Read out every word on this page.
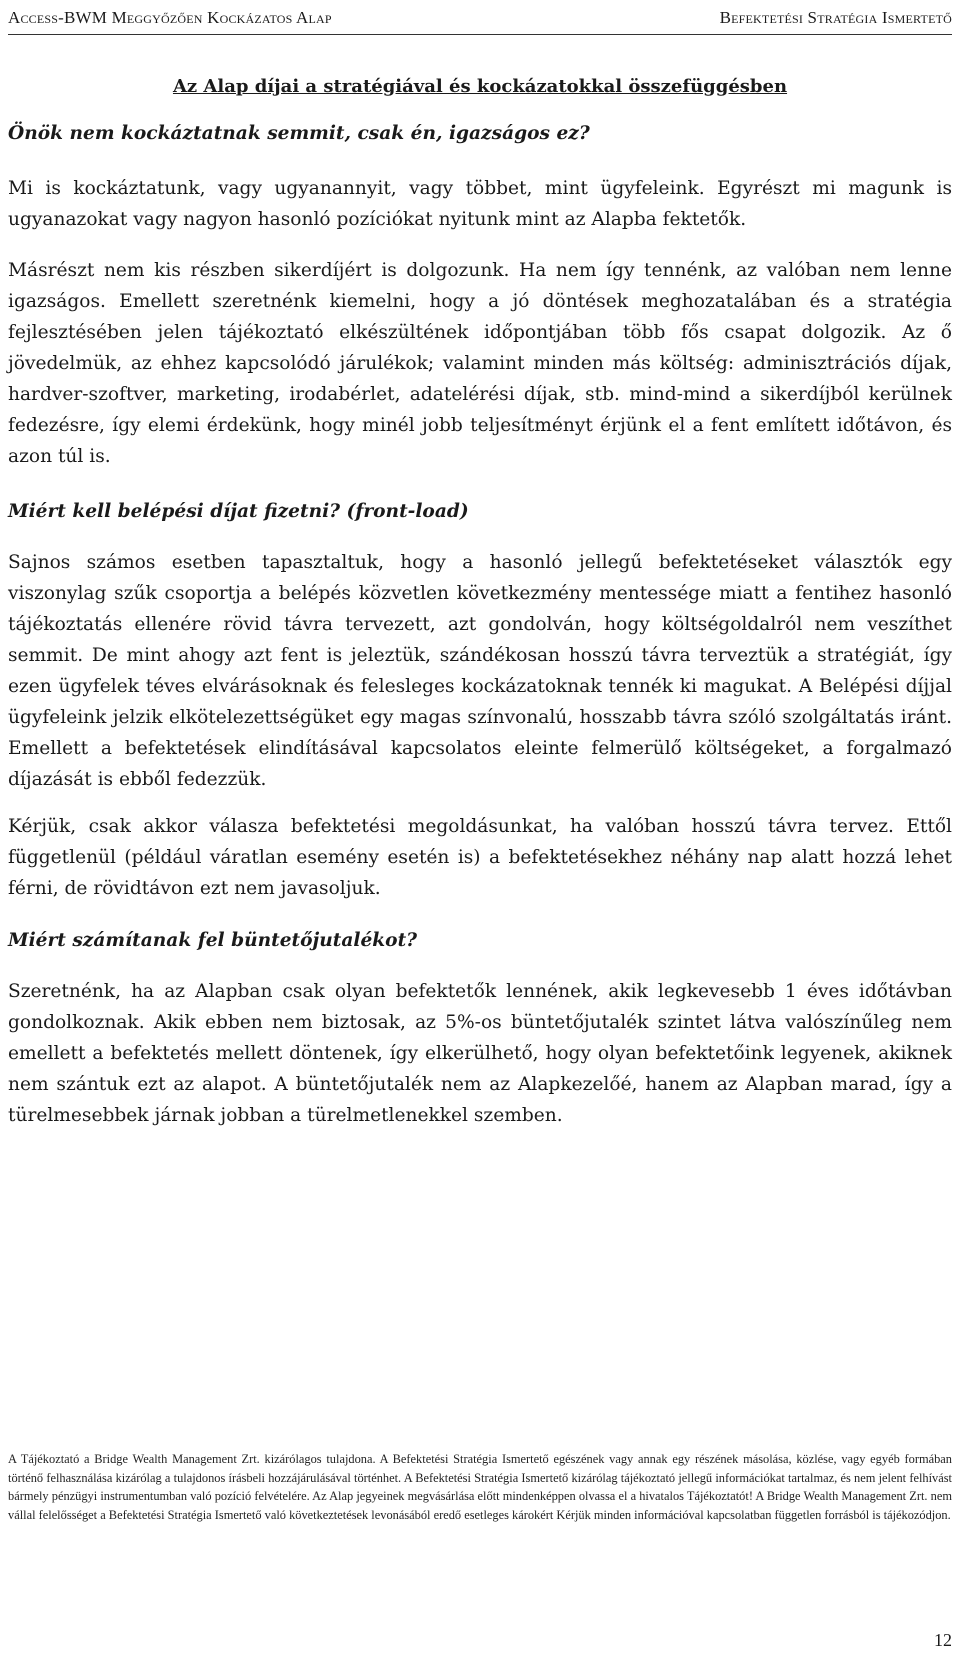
Access-BWM Meggyőzően Kockázatos Alap	Befektetési Stratégia Ismertető
Az Alap díjai a stratégiával és kockázatokkal összefüggésben

Önök nem kockáztatnak semmit, csak én, igazságos ez?

Mi is kockáztatunk, vagy ugyanannyit, vagy többet, mint ügyfeleink. Egyrészt mi magunk is ugyanazokat vagy nagyon hasonló pozíciókat nyitunk mint az Alapba fektetők.

Másrészt nem kis részben sikerdíjért is dolgozunk. Ha nem így tennénk, az valóban nem lenne igazságos. Emellett szeretnénk kiemelni, hogy a jó döntések meghozatalában és a stratégia fejlesztésében jelen tájékoztató elkészültének időpontjában több fős csapat dolgozik. Az ő jövedelmük, az ehhez kapcsolódó járulékok; valamint minden más költség: adminisztrációs díjak, hardver-szoftver, marketing, irodabérlet, adatelérési díjak, stb. mind-mind a sikerdíjból kerülnek fedezésre, így elemi érdekünk, hogy minél jobb teljesítményt érjünk el a fent említett időtávon, és azon túl is.

Miért kell belépési díjat fizetni? (front-load)

Sajnos számos esetben tapasztaltuk, hogy a hasonló jellegű befektetéseket választók egy viszonylag szűk csoportja a belépés közvetlen következmény mentessége miatt a fentihez hasonló tájékoztatás ellenére rövid távra tervezett, azt gondolván, hogy költségoldalról nem veszíthet semmit. De mint ahogy azt fent is jeleztük, szándékosan hosszú távra terveztük a stratégiát, így ezen ügyfelek téves elvárásoknak és felesleges kockázatoknak tennék ki magukat. A Belépési díjjal ügyfeleink jelzik elkötelezettségüket egy magas színvonalú, hosszabb távra szóló szolgáltatás iránt. Emellett a befektetések elindításával kapcsolatos eleinte felmerülő költségeket, a forgalmazó díjazását is ebből fedezzük.

Kérjük, csak akkor válasza befektetési megoldásunkat, ha valóban hosszú távra tervez. Ettől függetlenül (például váratlan esemény esetén is) a befektetésekhez néhány nap alatt hozzá lehet férni, de rövidtávon ezt nem javasoljuk.

Miért számítanak fel büntetőjutalékot?

Szeretnénk, ha az Alapban csak olyan befektetők lennének, akik legkevesebb 1 éves időtávban gondolkoznak. Akik ebben nem biztosak, az 5%-os büntetőjutalék szintet látva valószínűleg nem emellett a befektetés mellett döntenek, így elkerülhető, hogy olyan befektetőink legyenek, akiknek nem szántuk ezt az alapot. A büntetőjutalék nem az Alapkezelőé, hanem az Alapban marad, így a türelmesebbek járnak jobban a türelmetlenekkel szemben.

A Tájékoztató a Bridge Wealth Management Zrt. kizárólagos tulajdona. A Befektetési Stratégia Ismertető egészének vagy annak egy részének másolása, közlése, vagy egyéb formában történő felhasználása kizárólag a tulajdonos írásbeli hozzájárulásával történhet. A Befektetési Stratégia Ismertető kizárólag tájékoztató jellegű információkat tartalmaz, és nem jelent felhívást bármely pénzügyi instrumentumban való pozíció felvételére. Az Alap jegyeinek megvásárlása előtt mindenképpen olvassa el a hivatalos Tájékoztatót! A Bridge Wealth Management Zrt. nem vállal felelősséget a Befektetési Stratégia Ismertető való következtetések levonásából eredő esetleges károkért Kérjük minden információval kapcsolatban független forrásból is tájékozódjon.
12
